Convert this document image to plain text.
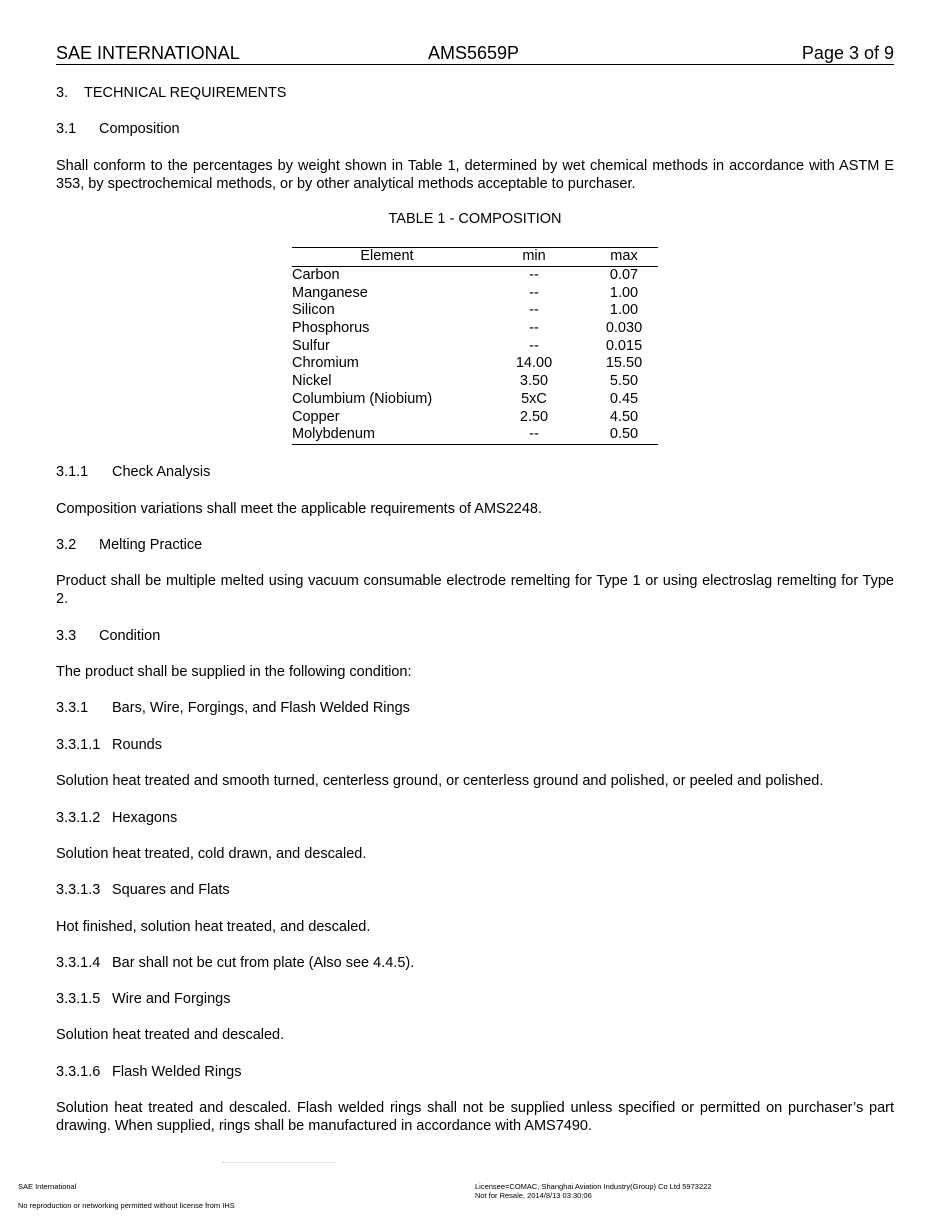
SAE INTERNATIONAL	AMS5659P	Page 3 of 9
3. TECHNICAL REQUIREMENTS
3.1 Composition
Shall conform to the percentages by weight shown in Table 1, determined by wet chemical methods in accordance with ASTM E 353, by spectrochemical methods, or by other analytical methods acceptable to purchaser.
TABLE 1 - COMPOSITION
Element	min	max
Carbon	--	0.07
Manganese	--	1.00
Silicon	--	1.00
Phosphorus	--	0.030
Sulfur	--	0.015
Chromium	14.00	15.50
Nickel	3.50	5.50
Columbium (Niobium)	5xC	0.45
Copper	2.50	4.50
Molybdenum	--	0.50
3.1.1 Check Analysis
Composition variations shall meet the applicable requirements of AMS2248.
3.2 Melting Practice
Product shall be multiple melted using vacuum consumable electrode remelting for Type 1 or using electroslag remelting for Type 2.
3.3 Condition
The product shall be supplied in the following condition:
3.3.1 Bars, Wire, Forgings, and Flash Welded Rings
3.3.1.1 Rounds
Solution heat treated and smooth turned, centerless ground, or centerless ground and polished, or peeled and polished.
3.3.1.2 Hexagons
Solution heat treated, cold drawn, and descaled.
3.3.1.3 Squares and Flats
Hot finished, solution heat treated, and descaled.
3.3.1.4 Bar shall not be cut from plate (Also see 4.4.5).
3.3.1.5 Wire and Forgings
Solution heat treated and descaled.
3.3.1.6 Flash Welded Rings
Solution heat treated and descaled. Flash welded rings shall not be supplied unless specified or permitted on purchaser’s part drawing. When supplied, rings shall be manufactured in accordance with AMS7490.
SAE International
No reproduction or networking permitted without license from IHS
Licensee=COMAC, Shanghai Aviation Industry(Group) Co Ltd 5973222
Not for Resale, 2014/8/13 03:30:06
